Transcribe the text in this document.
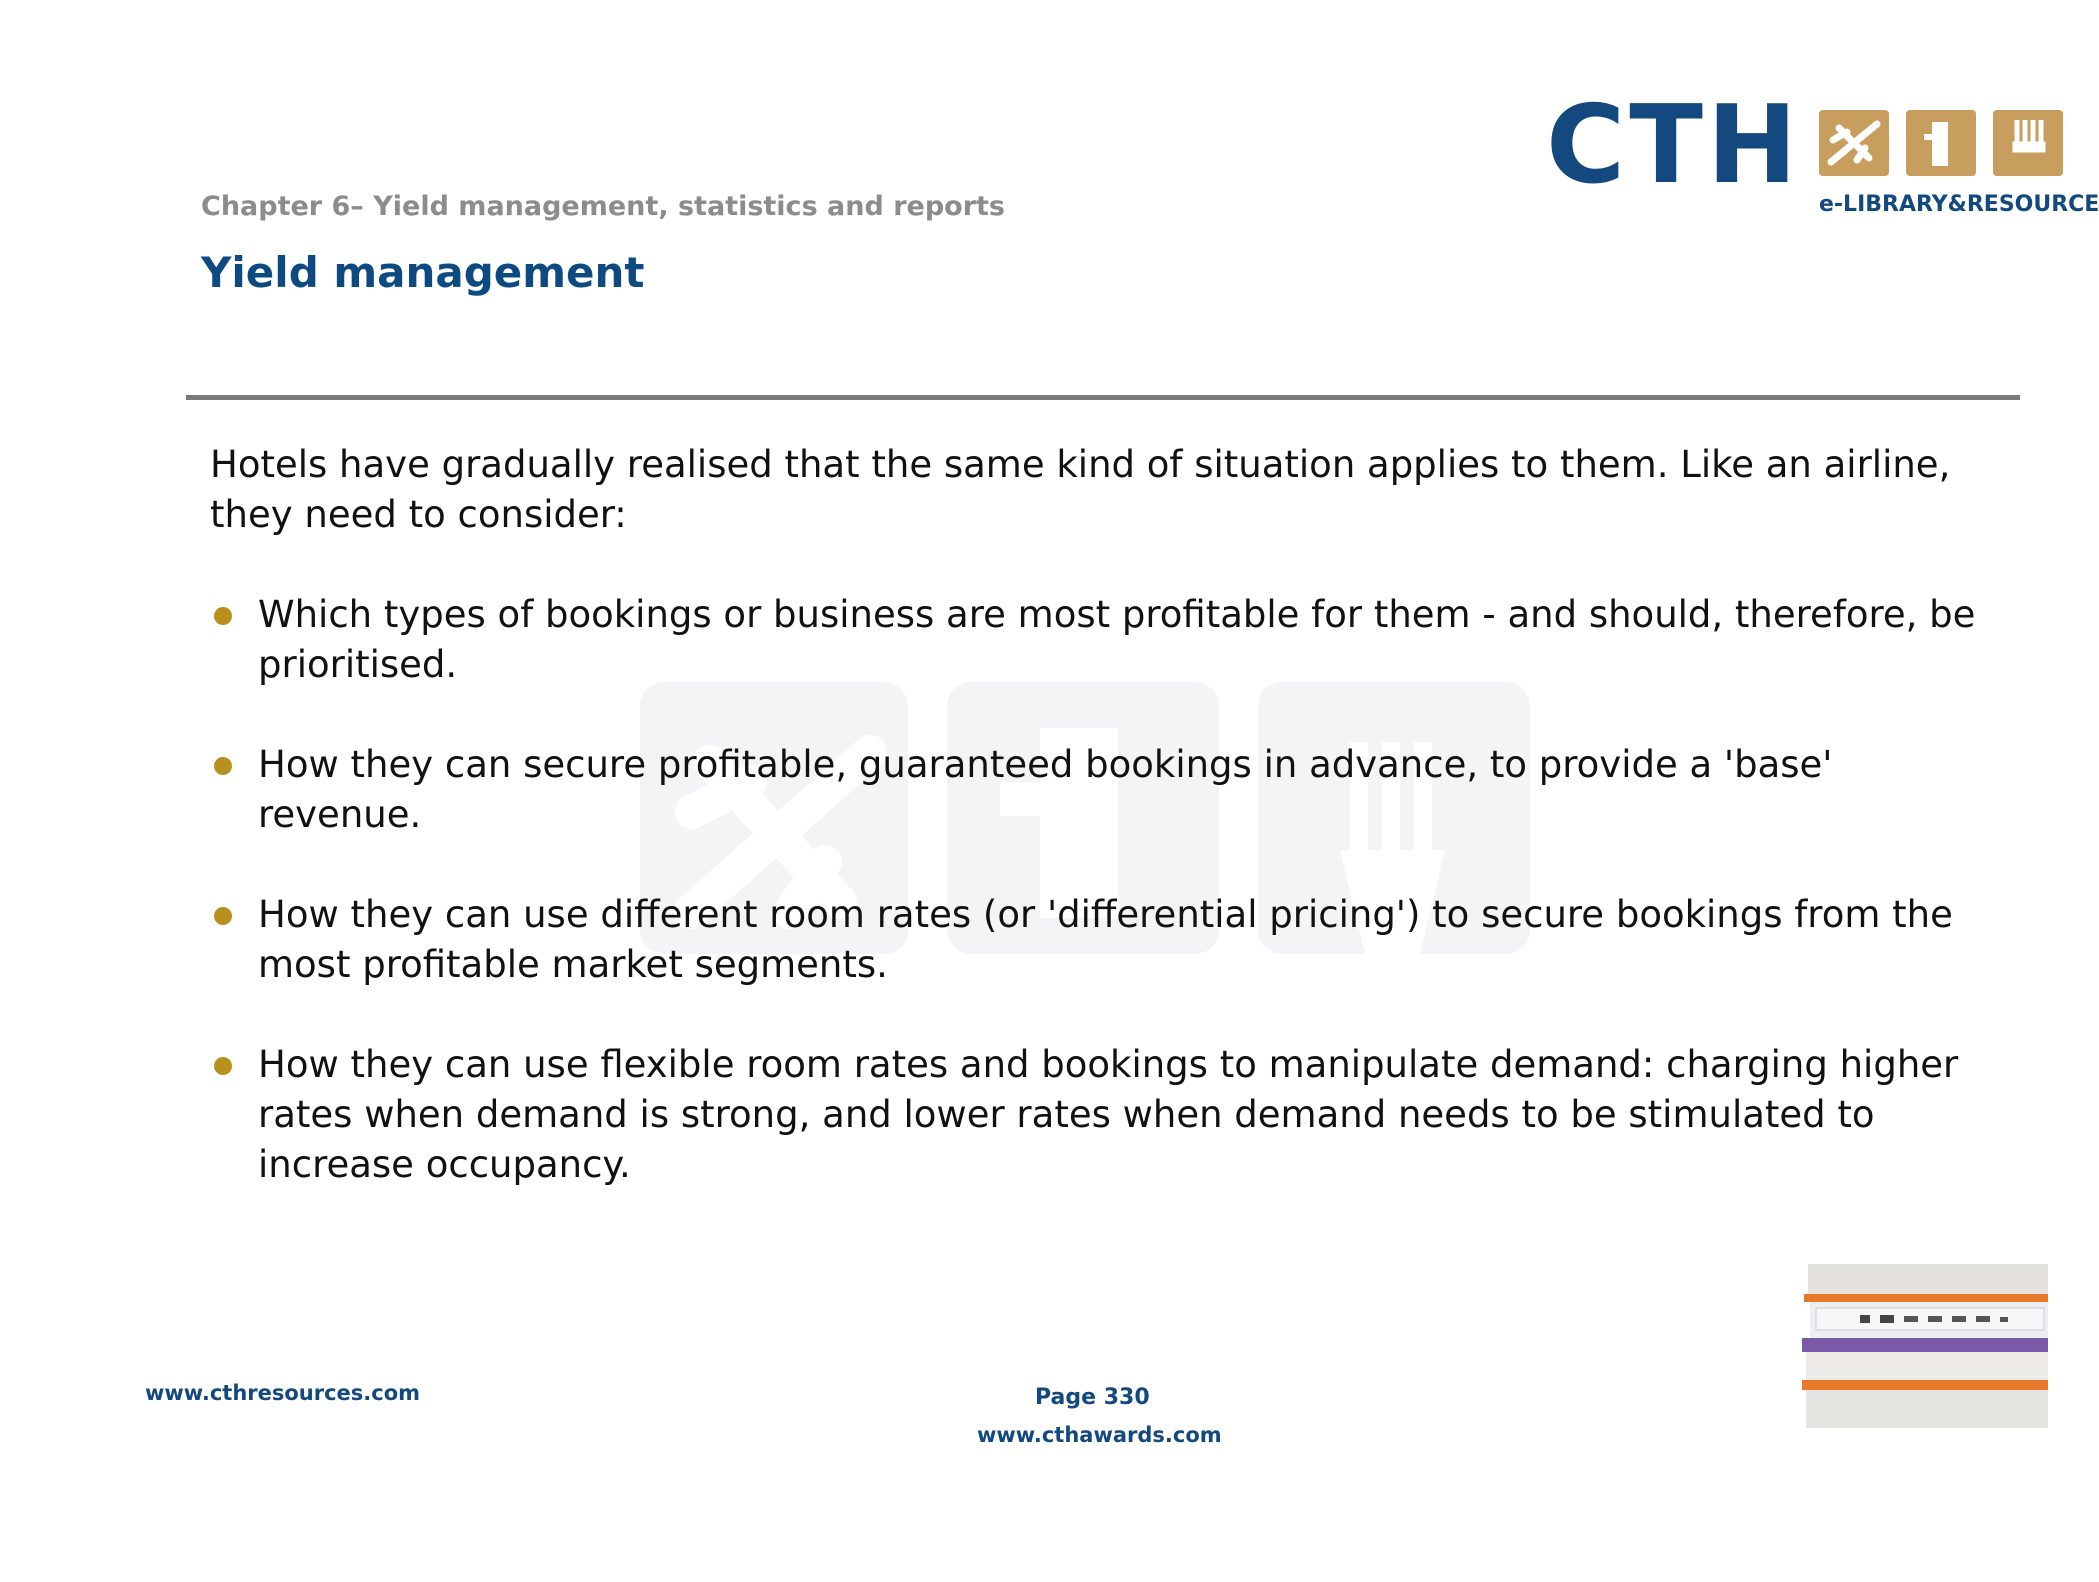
CTH e-LIBRARY&RESOURCE
Chapter 6– Yield management, statistics and reports
Yield management

Hotels have gradually realised that the same kind of situation applies to them. Like an airline, they need to consider:

Which types of bookings or business are most profitable for them - and should, therefore, be prioritised.
How they can secure profitable, guaranteed bookings in advance, to provide a 'base' revenue.
How they can use different room rates (or 'differential pricing') to secure bookings from the most profitable market segments.
How they can use flexible room rates and bookings to manipulate demand: charging higher rates when demand is strong, and lower rates when demand needs to be stimulated to increase occupancy.
www.cthresources.com	Page 330
www.cthawards.com
